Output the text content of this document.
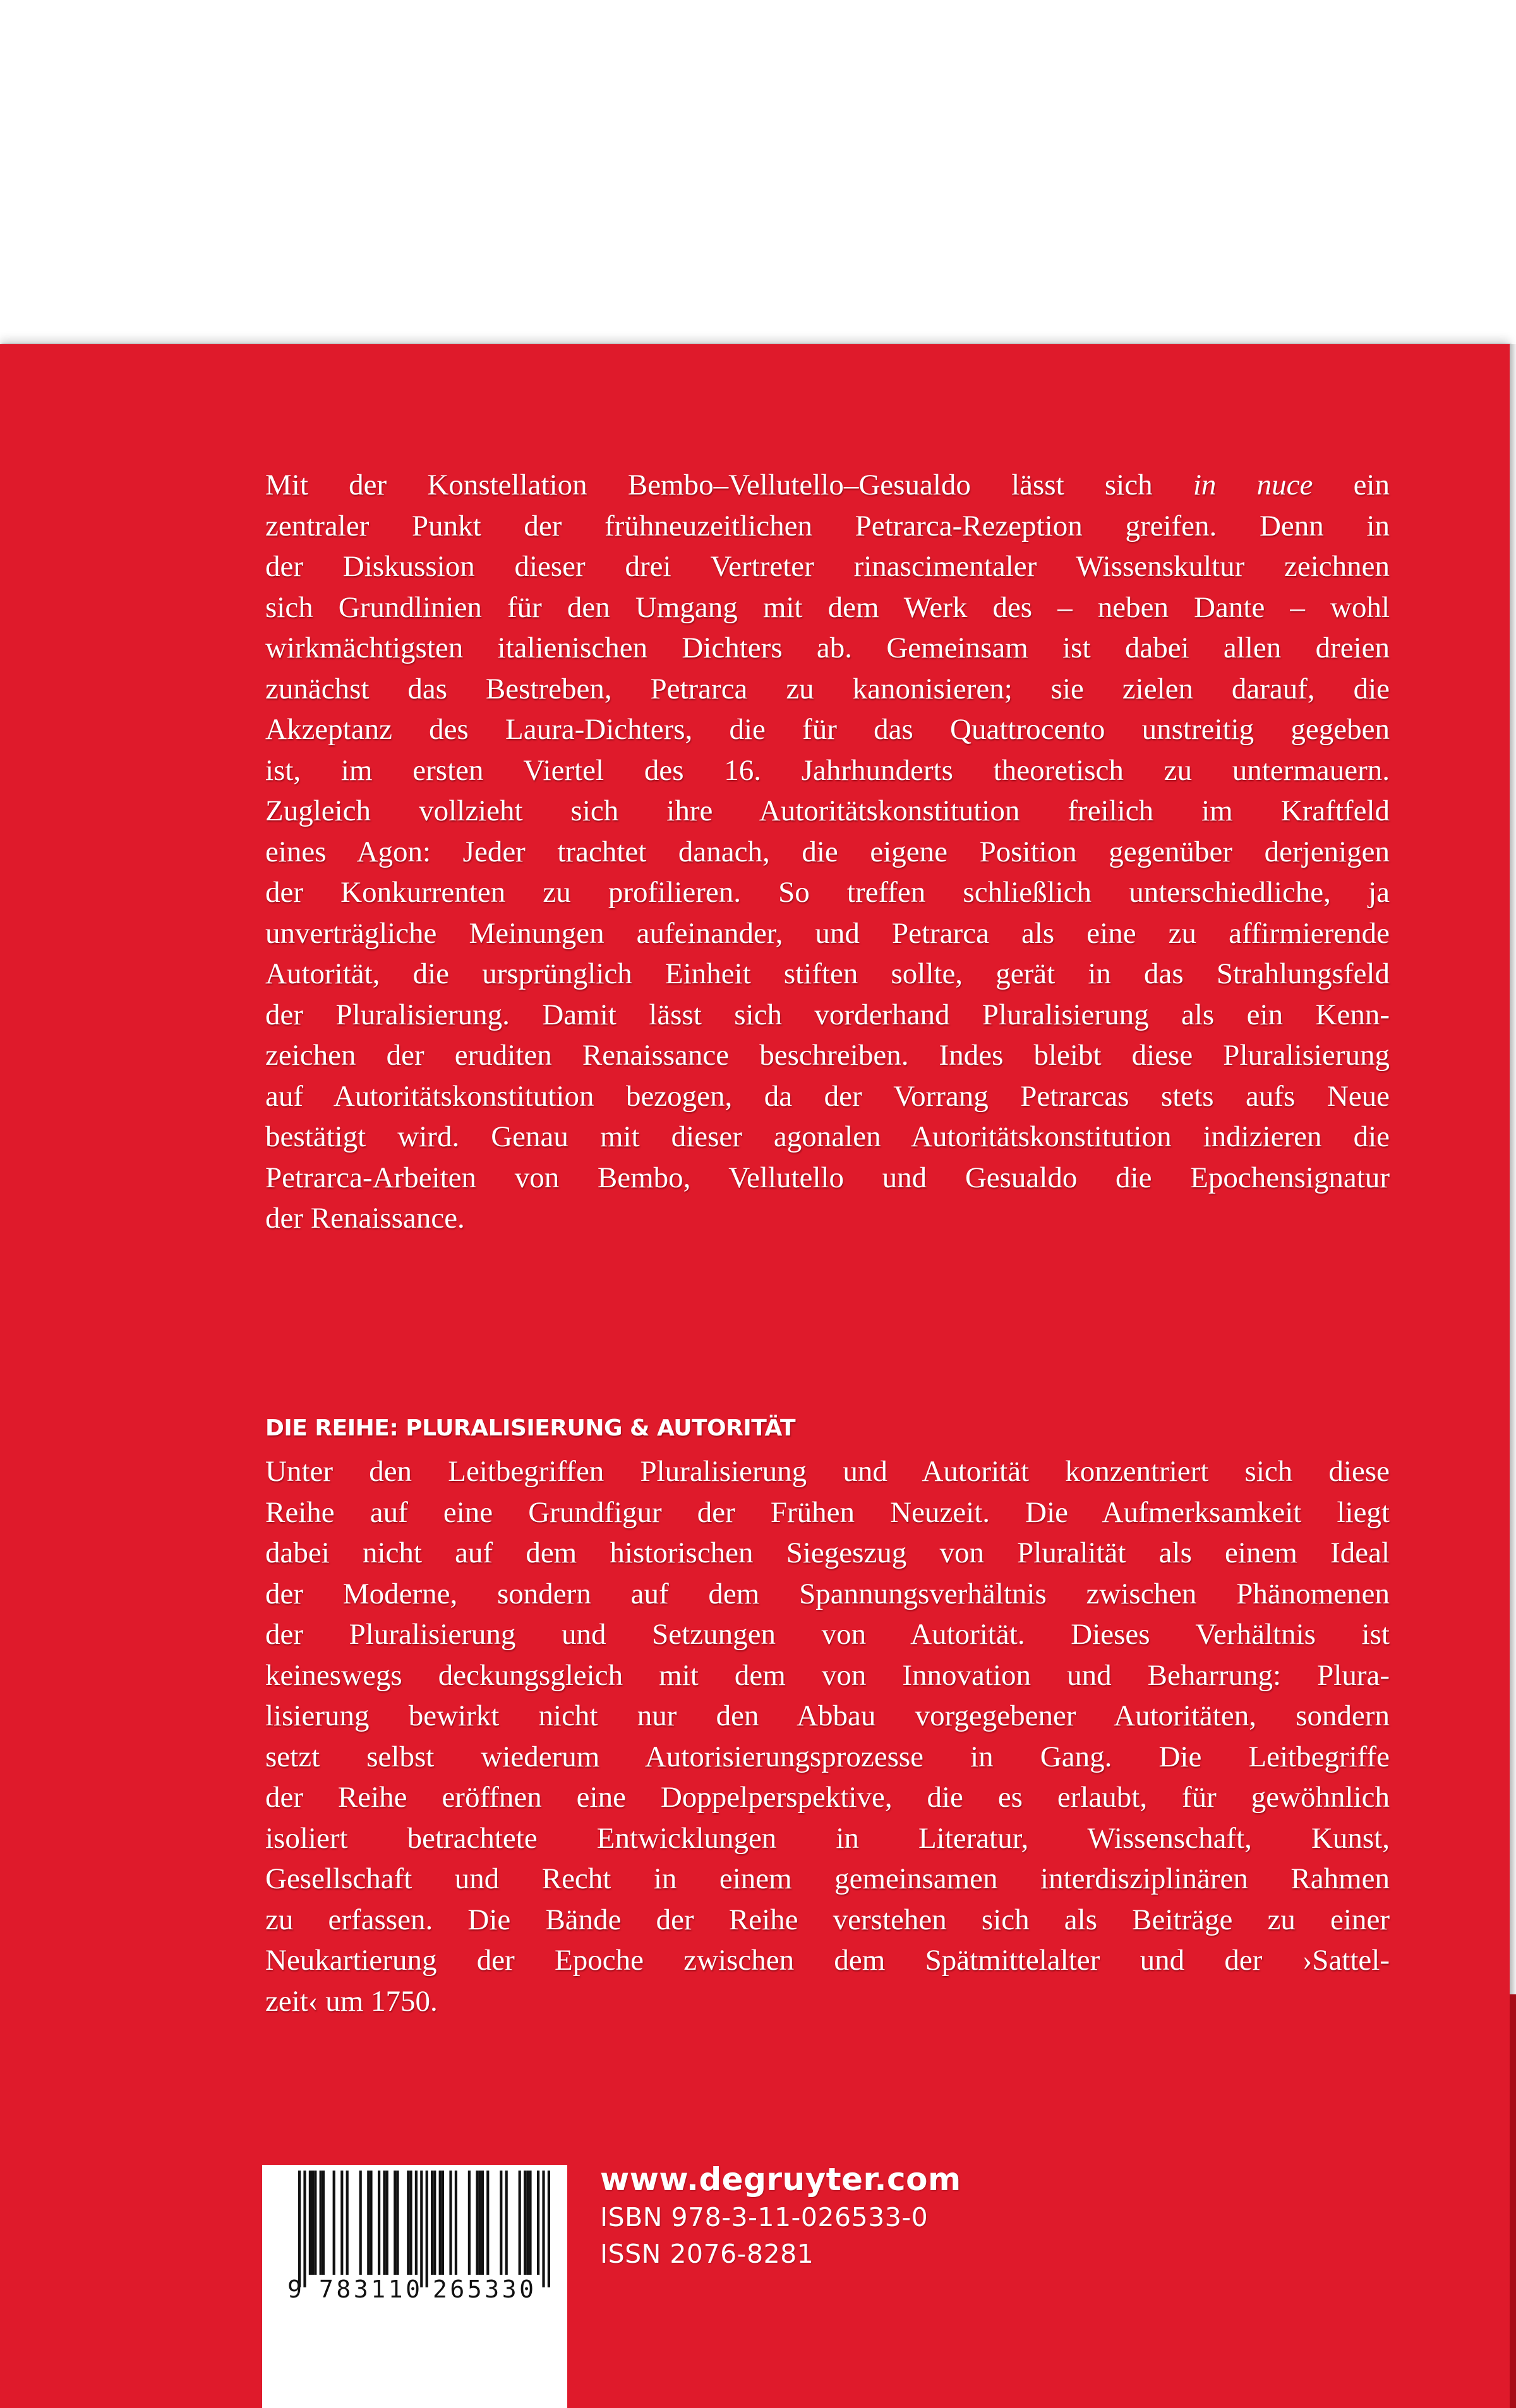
Mit der Konstellation Bembo–Vellutello–Gesualdo lässt sich in nuce ein
zentraler Punkt der frühneuzeitlichen Petrarca-Rezeption greifen. Denn in
der Diskussion dieser drei Vertreter rinascimentaler Wissenskultur zeichnen
sich Grundlinien für den Umgang mit dem Werk des – neben Dante – wohl
wirkmächtigsten italienischen Dichters ab. Gemeinsam ist dabei allen dreien
zunächst das Bestreben, Petrarca zu kanonisieren; sie zielen darauf, die
Akzeptanz des Laura-Dichters, die für das Quattrocento unstreitig gegeben
ist, im ersten Viertel des 16. Jahrhunderts theoretisch zu untermauern.
Zugleich vollzieht sich ihre Autoritätskonstitution freilich im Kraftfeld
eines Agon: Jeder trachtet danach, die eigene Position gegenüber derjenigen
der Konkurrenten zu profilieren. So treffen schließlich unterschiedliche, ja
unverträgliche Meinungen aufeinander, und Petrarca als eine zu affirmierende
Autorität, die ursprünglich Einheit stiften sollte, gerät in das Strahlungsfeld
der Pluralisierung. Damit lässt sich vorderhand Pluralisierung als ein Kenn-
zeichen der eruditen Renaissance beschreiben. Indes bleibt diese Pluralisierung
auf Autoritätskonstitution bezogen, da der Vorrang Petrarcas stets aufs Neue
bestätigt wird. Genau mit dieser agonalen Autoritätskonstitution indizieren die
Petrarca-Arbeiten von Bembo, Vellutello und Gesualdo die Epochensignatur
der Renaissance.
DIE REIHE: PLURALISIERUNG & AUTORITÄT
Unter den Leitbegriffen Pluralisierung und Autorität konzentriert sich diese
Reihe auf eine Grundfigur der Frühen Neuzeit. Die Aufmerksamkeit liegt
dabei nicht auf dem historischen Siegeszug von Pluralität als einem Ideal
der Moderne, sondern auf dem Spannungsverhältnis zwischen Phänomenen
der Pluralisierung und Setzungen von Autorität. Dieses Verhältnis ist
keineswegs deckungsgleich mit dem von Innovation und Beharrung: Plura-
lisierung bewirkt nicht nur den Abbau vorgegebener Autoritäten, sondern
setzt selbst wiederum Autorisierungsprozesse in Gang. Die Leitbegriffe
der Reihe eröffnen eine Doppelperspektive, die es erlaubt, für gewöhnlich
isoliert betrachtete Entwicklungen in Literatur, Wissenschaft, Kunst,
Gesellschaft und Recht in einem gemeinsamen interdisziplinären Rahmen
zu erfassen. Die Bände der Reihe verstehen sich als Beiträge zu einer
Neukartierung der Epoche zwischen dem Spätmittelalter und der ›Sattel-
zeit‹ um 1750.
9 783110 265330
www.degruyter.com
ISBN 978-3-11-026533-0
ISSN 2076-8281
